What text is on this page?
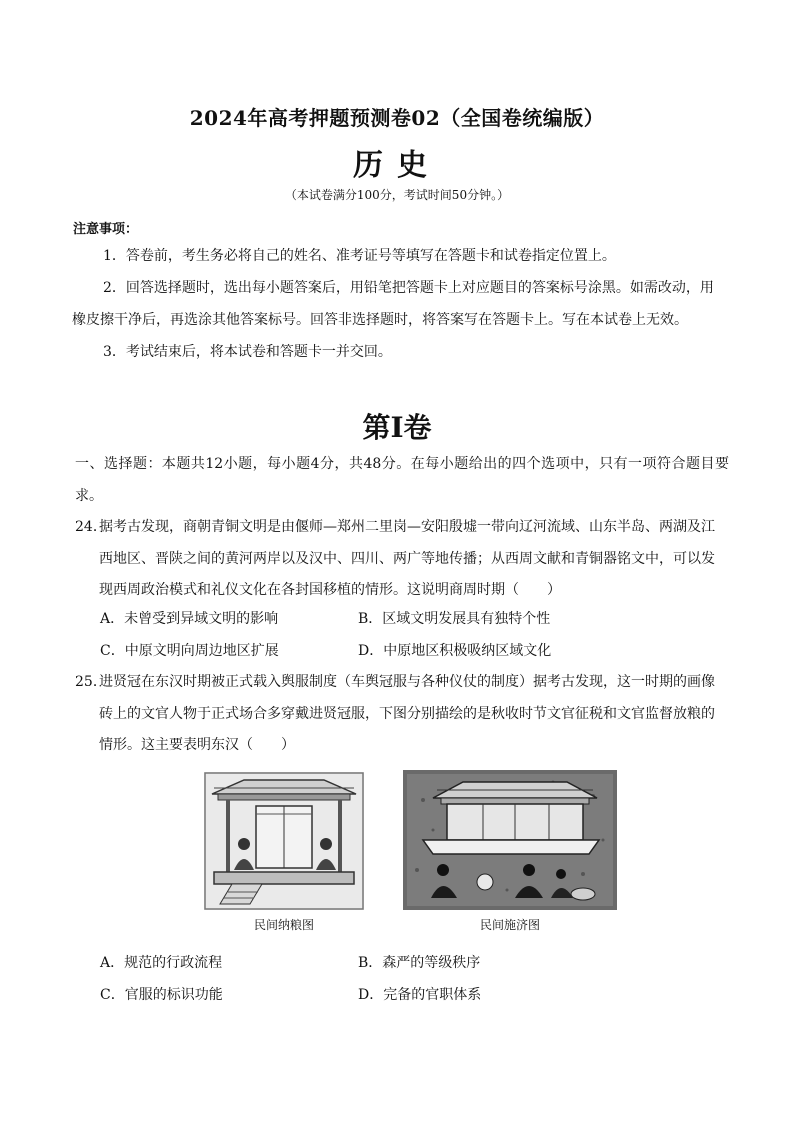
2024年高考押题预测卷02（全国卷统编版）
历史
（本试卷满分100分，考试时间50分钟。）
注意事项：
1．答卷前，考生务必将自己的姓名、准考证号等填写在答题卡和试卷指定位置上。
2．回答选择题时，选出每小题答案后，用铅笔把答题卡上对应题目的答案标号涂黑。如需改动，用
橡皮擦干净后，再选涂其他答案标号。回答非选择题时，将答案写在答题卡上。写在本试卷上无效。
3．考试结束后，将本试卷和答题卡一并交回。
第I卷
一、选择题：本题共12小题，每小题4分，共48分。在每小题给出的四个选项中，只有一项符合题目要求。
24．据考古发现，商朝青铜文明是由偃师—郑州二里岗—安阳殷墟一带向辽河流域、山东半岛、两湖及江
西地区、晋陕之间的黄河两岸以及汉中、四川、两广等地传播；从西周文献和青铜器铭文中，可以发
现西周政治模式和礼仪文化在各封国移植的情形。这说明商周时期（　　）
A．未曾受到异域文明的影响	B．区域文明发展具有独特个性
C．中原文明向周边地区扩展	D．中原地区积极吸纳区域文化
25．进贤冠在东汉时期被正式载入舆服制度（车舆冠服与各种仪仗的制度）据考古发现，这一时期的画像
砖上的文官人物于正式场合多穿戴进贤冠服，下图分别描绘的是秋收时节文官征税和文官监督放粮的
情形。这主要表明东汉（　　）
民间纳粮图	民间施济图
A．规范的行政流程	B．森严的等级秩序
C．官服的标识功能	D．完备的官职体系
